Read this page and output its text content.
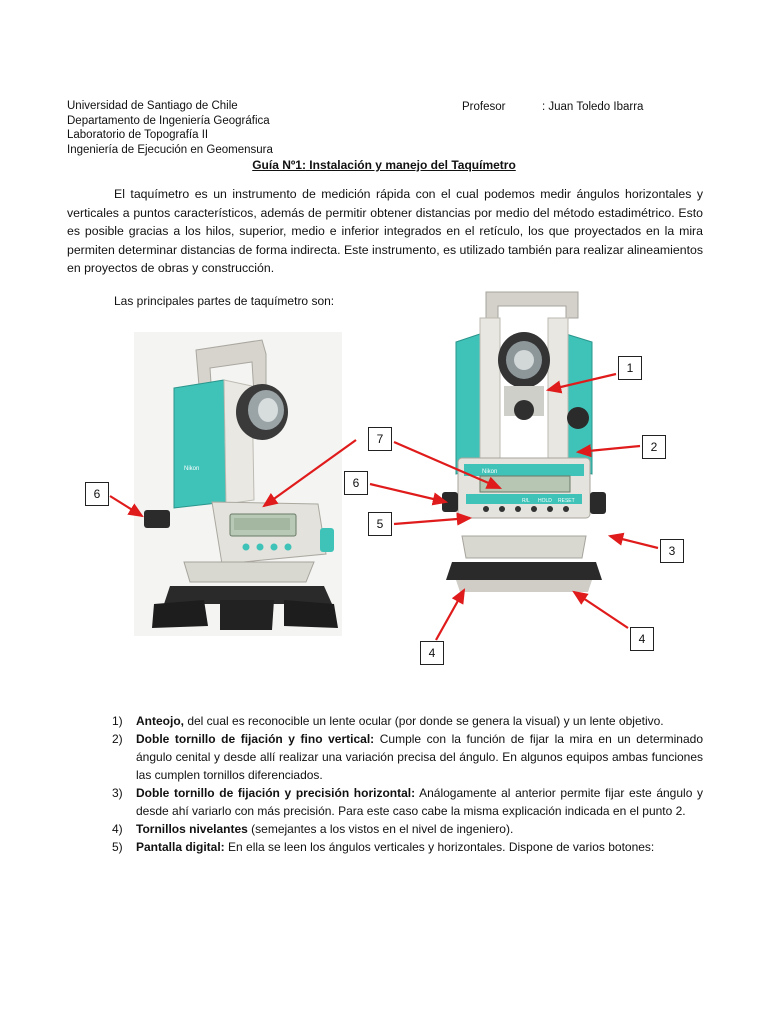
Universidad de Santiago de Chile
Departamento de Ingeniería Geográfica
Laboratorio de Topografía II
Ingeniería de Ejecución en Geomensura
Profesor	: Juan Toledo Ibarra
Guía Nº1: Instalación y manejo del Taquímetro

El taquímetro es un instrumento de medición rápida con el cual podemos medir ángulos horizontales y verticales a puntos característicos, además de permitir obtener distancias por medio del método estadimétrico. Esto es posible gracias a los hilos, superior, medio e inferior integrados en el retículo, los que proyectados en la mira permiten determinar distancias de forma indirecta. Este instrumento, es utilizado también para realizar alineamientos en proyectos de obras y construcción.

Las principales partes de taquímetro son:
Nikon	Nikon
R/L HOLD RESET
6
7
6
5
1
2
3
4
4
1) Anteojo, del cual es reconocible un lente ocular (por donde se genera la visual) y un lente objetivo.
2) Doble tornillo de fijación y fino vertical: Cumple con la función de fijar la mira en un determinado ángulo cenital y desde allí realizar una variación precisa del ángulo. En algunos equipos ambas funciones las cumplen tornillos diferenciados.
3) Doble tornillo de fijación y precisión horizontal: Análogamente al anterior permite fijar este ángulo y desde ahí variarlo con más precisión. Para este caso cabe la misma explicación indicada en el punto 2.
4) Tornillos nivelantes (semejantes a los vistos en el nivel de ingeniero).
5) Pantalla digital: En ella se leen los ángulos verticales y horizontales. Dispone de varios botones:
